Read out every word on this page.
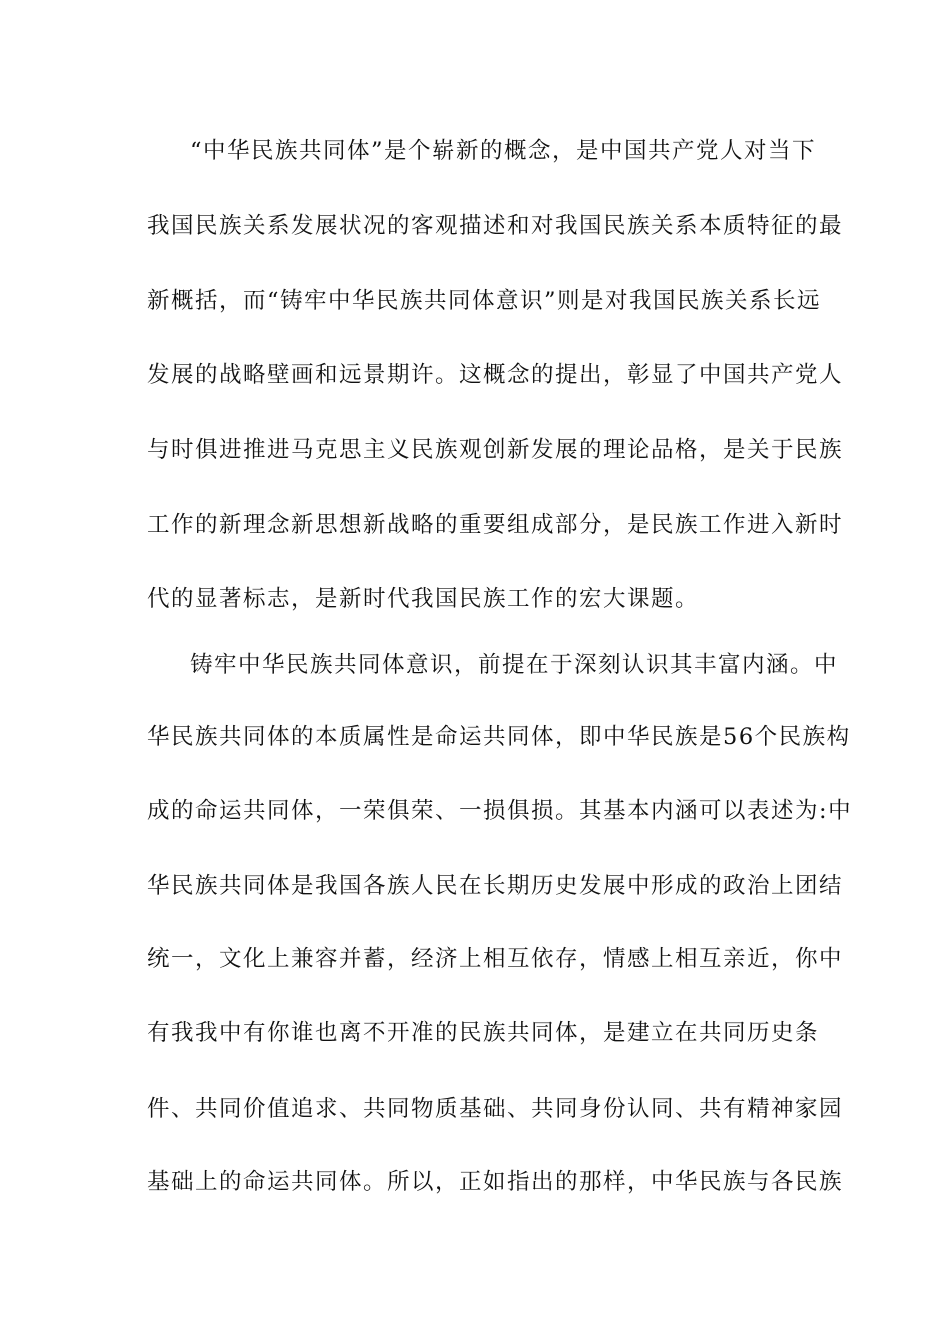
“中华民族共同体”是个崭新的概念，是中国共产党人对当下
我国民族关系发展状况的客观描述和对我国民族关系本质特征的最
新概括，而“铸牢中华民族共同体意识”则是对我国民族关系长远
发展的战略壁画和远景期许。这概念的提出，彰显了中国共产党人
与时俱进推进马克思主义民族观创新发展的理论品格，是关于民族
工作的新理念新思想新战略的重要组成部分，是民族工作进入新时
代的显著标志，是新时代我国民族工作的宏大课题。
铸牢中华民族共同体意识，前提在于深刻认识其丰富内涵。中
华民族共同体的本质属性是命运共同体，即中华民族是56个民族构
成的命运共同体，一荣俱荣、一损俱损。其基本内涵可以表述为:中
华民族共同体是我国各族人民在长期历史发展中形成的政治上团结
统一，文化上兼容并蓄，经济上相互依存，情感上相互亲近，你中
有我我中有你谁也离不开准的民族共同体，是建立在共同历史条
件、共同价值追求、共同物质基础、共同身份认同、共有精神家园
基础上的命运共同体。所以，正如指出的那样，中华民族与各民族
